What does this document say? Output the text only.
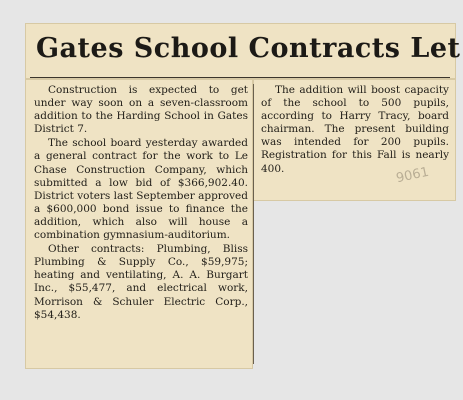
Gates School Contracts Let

Construction is expected to get under way soon on a seven-classroom addition to the Harding School in Gates District 7.

The school board yesterday awarded a general contract for the work to Le Chase Construction Company, which submitted a low bid of $366,902.40. District voters last September approved a $600,000 bond issue to finance the addition, which also will house a combination gymnasium-auditorium.

Other contracts: Plumbing, Bliss Plumbing & Supply Co., $59,975; heating and ventilating, A. A. Burgart Inc., $55,477, and electrical work, Morrison & Schuler Electric Corp., $54,438.

The addition will boost capacity of the school to 500 pupils, according to Harry Tracy, board chairman. The present building was intended for 200 pupils. Registration for this Fall is nearly 400.	9061
